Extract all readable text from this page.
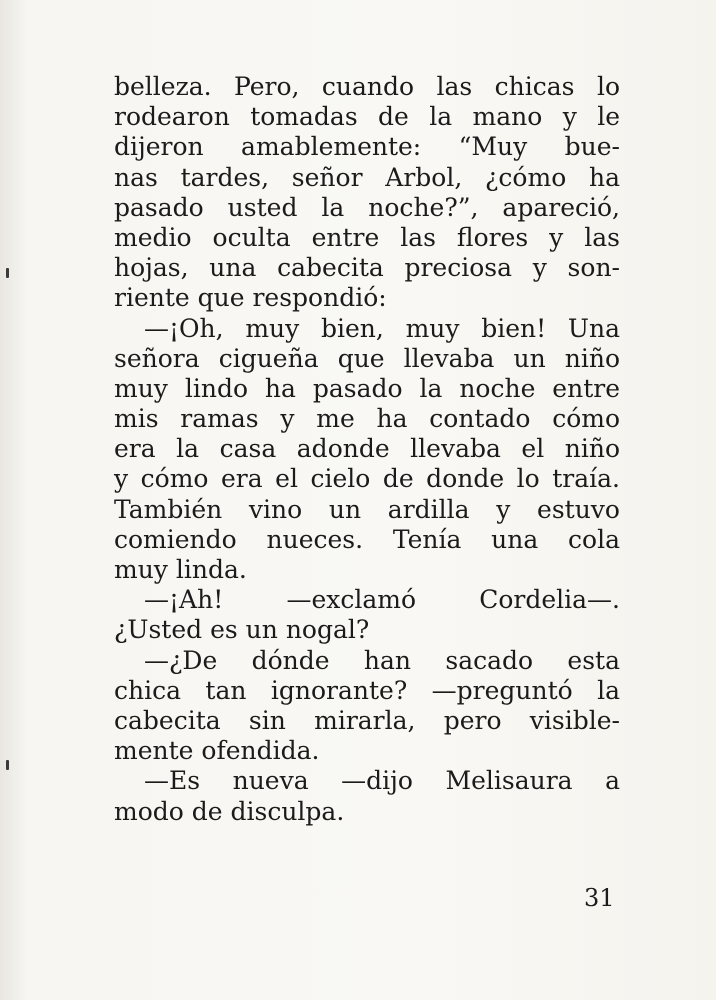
belleza. Pero, cuando las chicas lo
rodearon tomadas de la mano y le
dijeron amablemente: “Muy bue-
nas tardes, señor Arbol, ¿cómo ha
pasado usted la noche?”, apareció,
medio oculta entre las flores y las
hojas, una cabecita preciosa y son-
riente que respondió:
—¡Oh, muy bien, muy bien! Una
señora cigueña que llevaba un niño
muy lindo ha pasado la noche entre
mis ramas y me ha contado cómo
era la casa adonde llevaba el niño
y cómo era el cielo de donde lo traía.
También vino un ardilla y estuvo
comiendo nueces. Tenía una cola
muy linda.
—¡Ah! —exclamó Cordelia—.
¿Usted es un nogal?
—¿De dónde han sacado esta
chica tan ignorante? —preguntó la
cabecita sin mirarla, pero visible-
mente ofendida.
—Es nueva —dijo Melisaura a
modo de disculpa.
31
